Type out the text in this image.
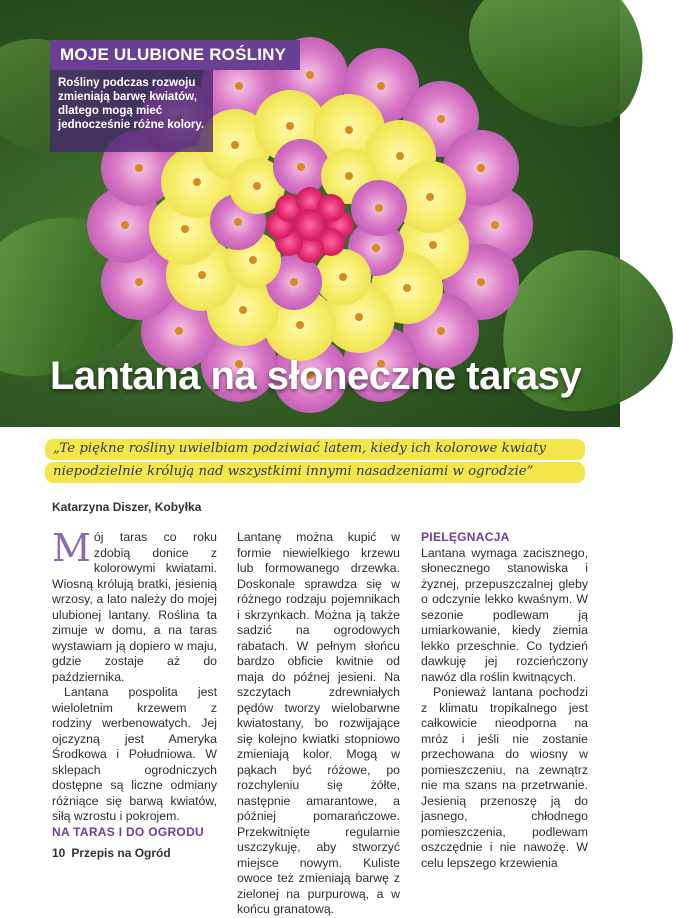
MOJE ULUBIONE ROŚLINY
Rośliny podczas rozwoju zmieniają barwę kwiatów, dlatego mogą mieć jednocześnie różne kolory.
Lantana na słoneczne tarasy
„Te piękne rośliny uwielbiam podziwiać latem, kiedy ich kolorowe kwiaty
niepodzielnie królują nad wszystkimi innymi nasadzeniami w ogrodzie”
Katarzyna Diszer, Kobyłka

Mój taras co roku zdobią donice z kolorowymi kwiatami. Wiosną królują bratki, jesienią wrzosy, a lato należy do mojej ulubionej lantany. Roślina ta zimuje w domu, a na taras wystawiam ją dopiero w maju, gdzie zostaje aż do października.

Lantana pospolita jest wieloletnim krzewem z rodziny werbenowatych. Jej ojczyzną jest Ameryka Środkowa i Południowa. W sklepach ogrodniczych dostępne są liczne odmiany różniące się barwą kwiatów, siłą wzrostu i pokrojem.

NA TARAS I DO OGRODU

Lantanę można kupić w formie niewielkiego krzewu lub formowanego drzewka. Doskonale sprawdza się w różnego rodzaju pojemnikach i skrzynkach. Można ją także sadzić na ogrodowych rabatach. W pełnym słońcu bardzo obficie kwitnie od maja do późnej jesieni. Na szczytach zdrewniałych pędów tworzy wielobarwne kwiatostany, bo rozwijające się kolejno kwiatki stopniowo zmieniają kolor. Mogą w pąkach być różowe, po rozchyleniu się żółte, następnie amarantowe, a później pomarańczowe. Przekwitnięte regularnie uszczykuję, aby stworzyć miejsce nowym. Kuliste owoce też zmieniają barwę z zielonej na purpurową, a w końcu granatową.

PIELĘGNACJA

Lantana wymaga zacisznego, słonecznego stanowiska i żyznej, przepuszczalnej gleby o odczynie lekko kwaśnym. W sezonie podlewam ją umiarkowanie, kiedy ziemia lekko przeschnie. Co tydzień dawkuję jej rozcieńczony nawóz dla roślin kwitnących.

Ponieważ lantana pochodzi z klimatu tropikalnego jest całkowicie nieodporna na mróz i jeśli nie zostanie przechowana do wiosny w pomieszczeniu, na zewnątrz nie ma szans na przetrwanie. Jesienią przenoszę ją do jasnego, chłodnego pomieszczenia, podlewam oszczędnie i nie nawożę. W celu lepszego krzewienia

10 Przepis na Ogród
